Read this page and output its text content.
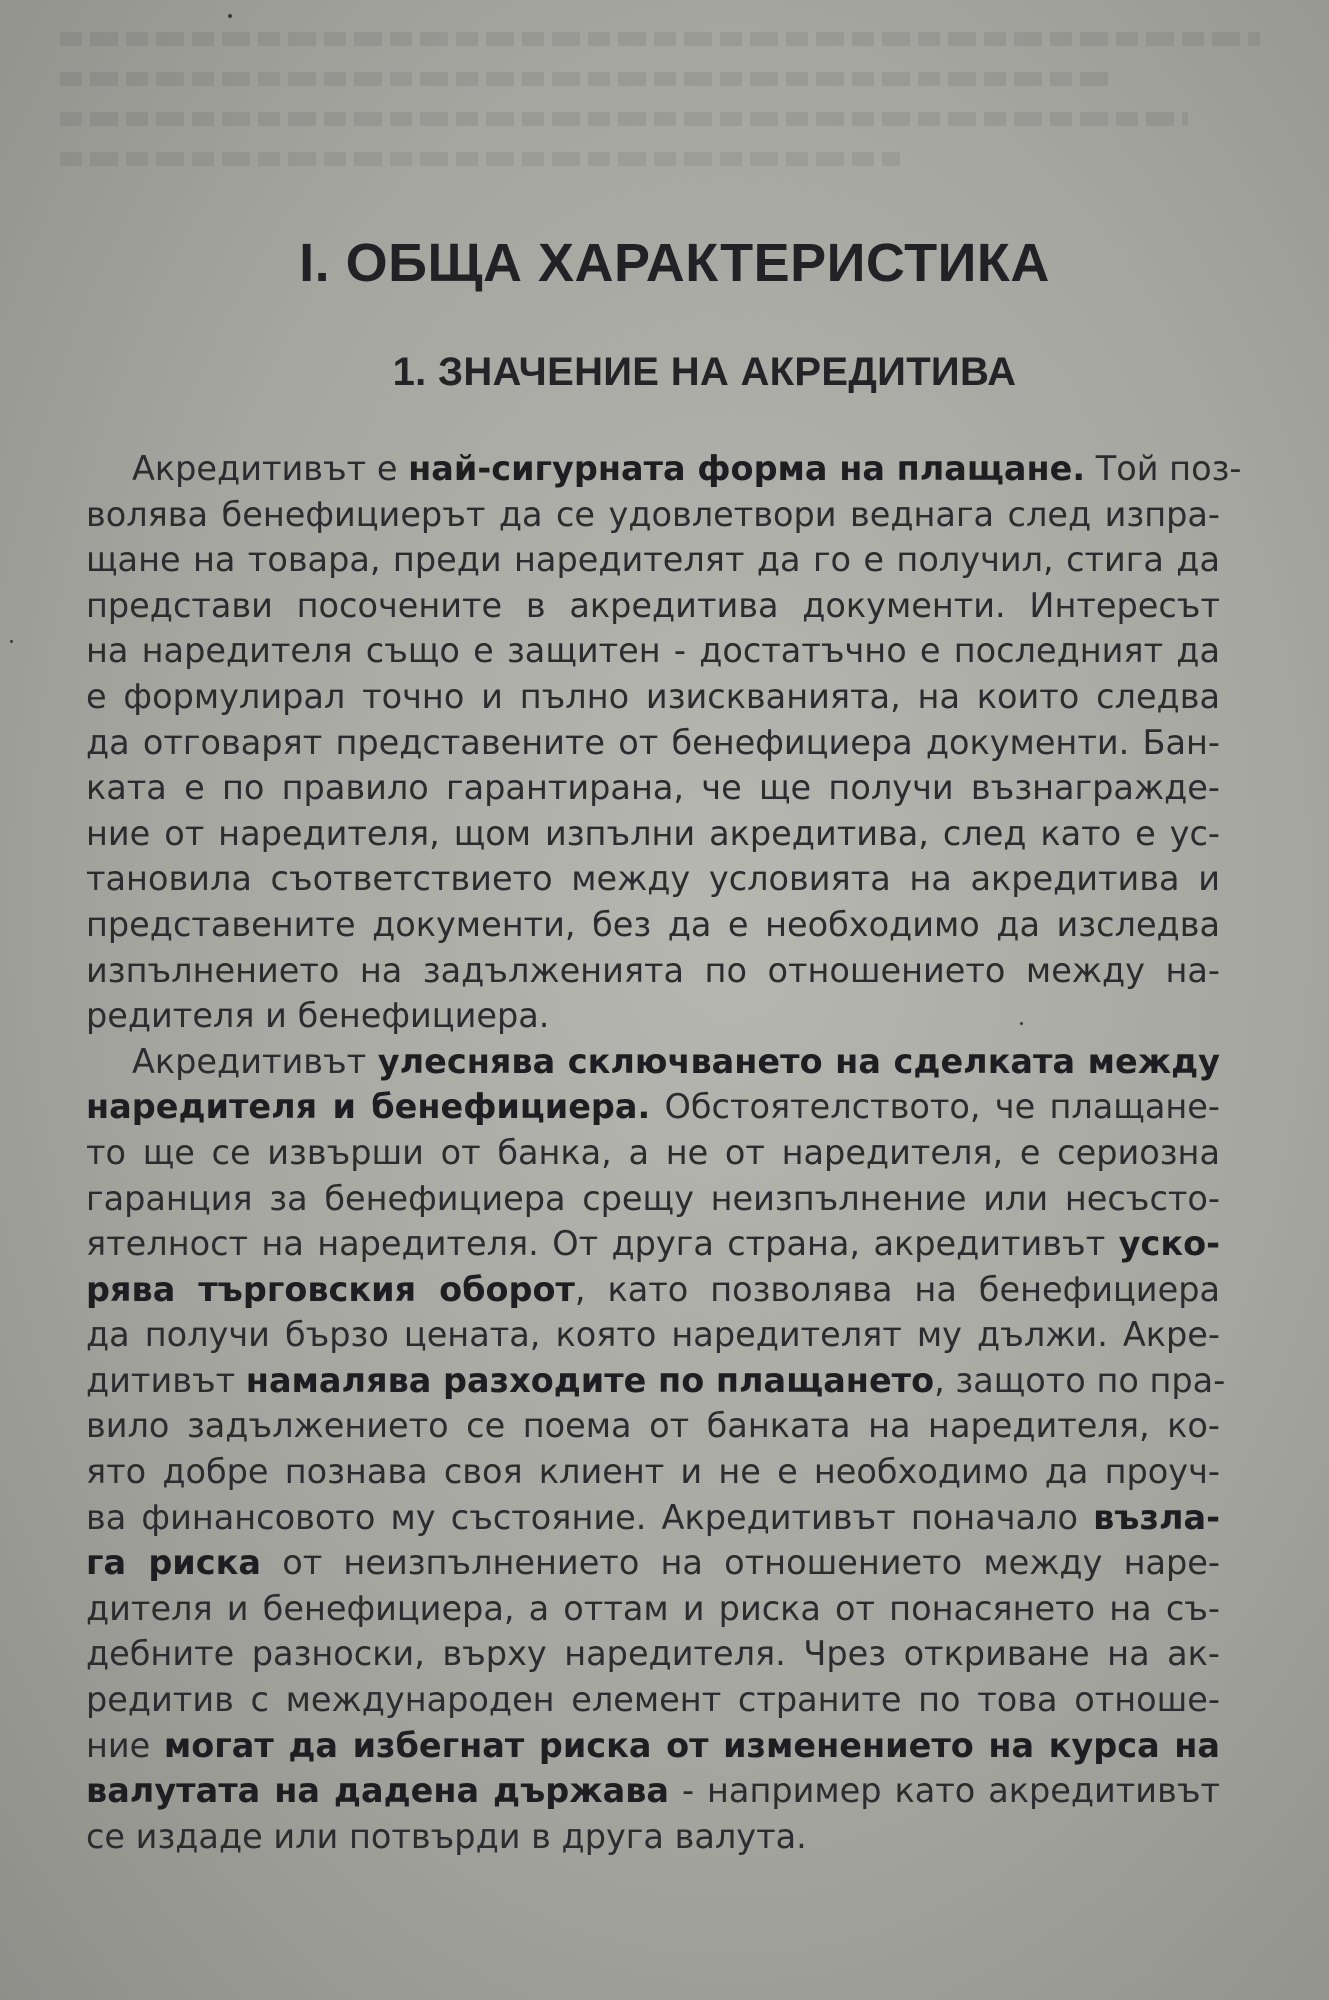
I. ОБЩА ХАРАКТЕРИСТИКА
1. ЗНАЧЕНИЕ НА АКРЕДИТИВА
Акредитивът е най-сигурната форма на плащане. Той поз-
волява бенефициерът да се удовлетвори веднага след изпра-
щане на товара, преди наредителят да го е получил, стига да
представи посочените в акредитива документи. Интересът
на наредителя също е защитен - достатъчно е последният да
е формулирал точно и пълно изискванията, на които следва
да отговарят представените от бенефициера документи. Бан-
ката е по правило гарантирана, че ще получи възнагражде-
ние от наредителя, щом изпълни акредитива, след като е ус-
тановила съответствието между условията на акредитива и
представените документи, без да е необходимо да изследва
изпълнението на задълженията по отношението между на-
редителя и бенефициера.
Акредитивът улеснява сключването на сделката между
наредителя и бенефициера. Обстоятелството, че плащане-
то ще се извърши от банка, а не от наредителя, е сериозна
гаранция за бенефициера срещу неизпълнение или несъсто-
ятелност на наредителя. От друга страна, акредитивът уско-
рява търговския оборот, като позволява на бенефициера
да получи бързо цената, която наредителят му дължи. Акре-
дитивът намалява разходите по плащането, защото по пра-
вило задължението се поема от банката на наредителя, ко-
ято добре познава своя клиент и не е необходимо да проуч-
ва финансовото му състояние. Акредитивът поначало възла-
га риска от неизпълнението на отношението между наре-
дителя и бенефициера, а оттам и риска от понасянето на съ-
дебните разноски, върху наредителя. Чрез откриване на ак-
редитив с международен елемент страните по това отноше-
ние могат да избегнат риска от изменението на курса на
валутата на дадена държава - например като акредитивът
се издаде или потвърди в друга валута.
